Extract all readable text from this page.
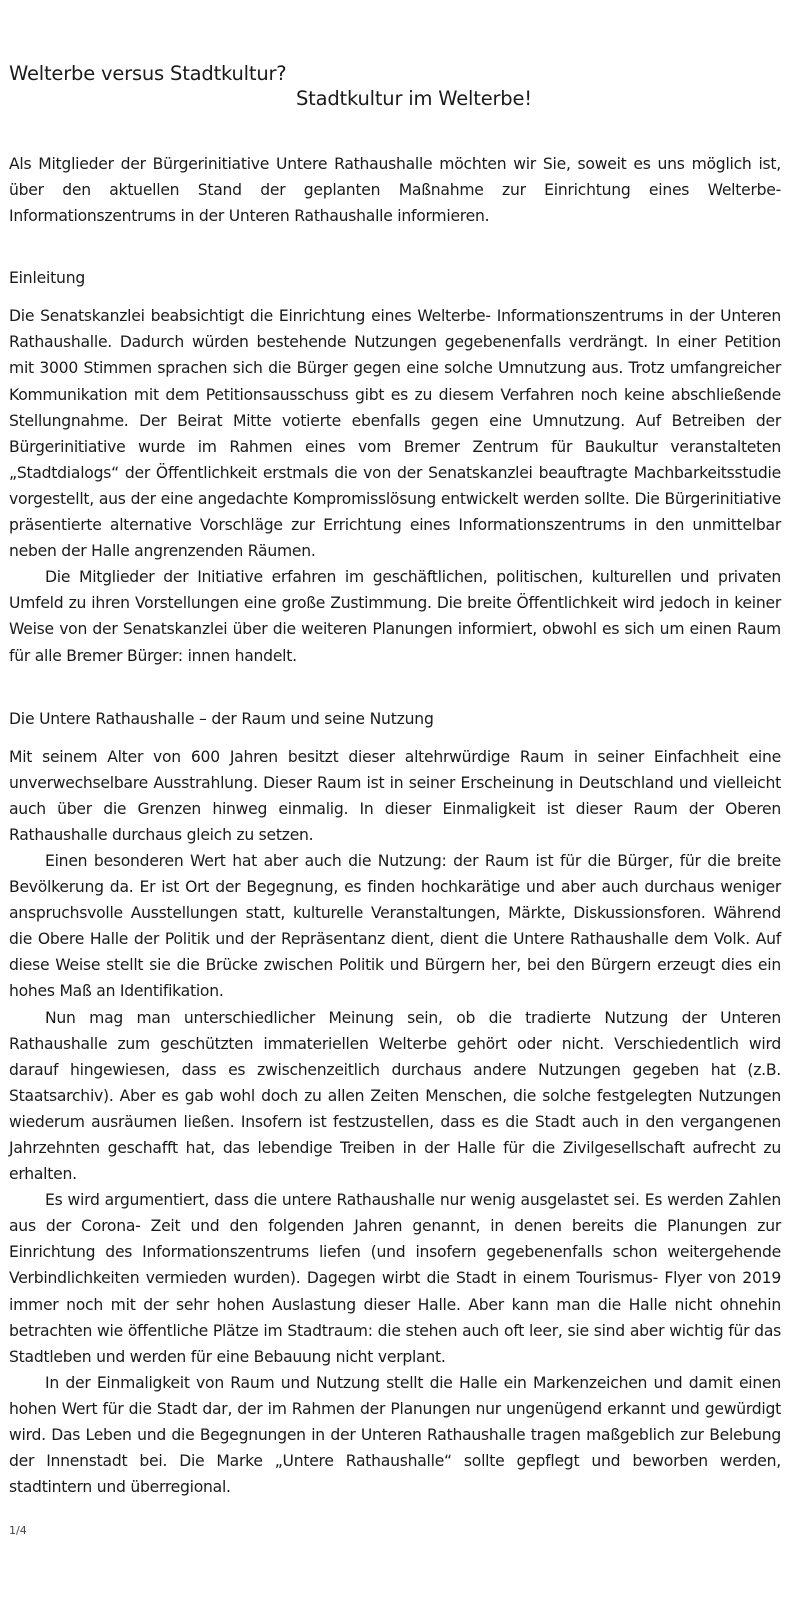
Welterbe versus Stadtkultur?
Stadtkultur im Welterbe!

Als Mitglieder der Bürgerinitiative Untere Rathaushalle möchten wir Sie, soweit es uns möglich ist, über den aktuellen Stand der geplanten Maßnahme zur Einrichtung eines Welterbe- Informationszentrums in der Unteren Rathaushalle informieren.

Einleitung

Die Senatskanzlei beabsichtigt die Einrichtung eines Welterbe- Informationszentrums in der Unteren Rathaushalle. Dadurch würden bestehende Nutzungen gegebenenfalls verdrängt. In einer Petition mit 3000 Stimmen sprachen sich die Bürger gegen eine solche Umnutzung aus. Trotz umfangreicher Kommunikation mit dem Petitionsausschuss gibt es zu diesem Verfahren noch keine abschließende Stellungnahme. Der Beirat Mitte votierte ebenfalls gegen eine Umnutzung. Auf Betreiben der Bürgerinitiative wurde im Rahmen eines vom Bremer Zentrum für Baukultur veranstalteten „Stadtdialogs“ der Öffentlichkeit erstmals die von der Senatskanzlei beauftragte Machbarkeitsstudie vorgestellt, aus der eine angedachte Kompromisslösung entwickelt werden sollte. Die Bürgerinitiative präsentierte alternative Vorschläge zur Errichtung eines Informationszentrums in den unmittelbar neben der Halle angrenzenden Räumen.

Die Mitglieder der Initiative erfahren im geschäftlichen, politischen, kulturellen und privaten Umfeld zu ihren Vorstellungen eine große Zustimmung. Die breite Öffentlichkeit wird jedoch in keiner Weise von der Senatskanzlei über die weiteren Planungen informiert, obwohl es sich um einen Raum für alle Bremer Bürger: innen handelt.

Die Untere Rathaushalle – der Raum und seine Nutzung

Mit seinem Alter von 600 Jahren besitzt dieser altehrwürdige Raum in seiner Einfachheit eine unverwechselbare Ausstrahlung. Dieser Raum ist in seiner Erscheinung in Deutschland und vielleicht auch über die Grenzen hinweg einmalig. In dieser Einmaligkeit ist dieser Raum der Oberen Rathaushalle durchaus gleich zu setzen.

Einen besonderen Wert hat aber auch die Nutzung: der Raum ist für die Bürger, für die breite Bevölkerung da. Er ist Ort der Begegnung, es finden hochkarätige und aber auch durchaus weniger anspruchsvolle Ausstellungen statt, kulturelle Veranstaltungen, Märkte, Diskussionsforen. Während die Obere Halle der Politik und der Repräsentanz dient, dient die Untere Rathaushalle dem Volk. Auf diese Weise stellt sie die Brücke zwischen Politik und Bürgern her, bei den Bürgern erzeugt dies ein hohes Maß an Identifikation.

Nun mag man unterschiedlicher Meinung sein, ob die tradierte Nutzung der Unteren Rathaushalle zum geschützten immateriellen Welterbe gehört oder nicht. Verschiedentlich wird darauf hingewiesen, dass es zwischenzeitlich durchaus andere Nutzungen gegeben hat (z.B. Staatsarchiv). Aber es gab wohl doch zu allen Zeiten Menschen, die solche festgelegten Nutzungen wiederum ausräumen ließen. Insofern ist festzustellen, dass es die Stadt auch in den vergangenen Jahrzehnten geschafft hat, das lebendige Treiben in der Halle für die Zivilgesellschaft aufrecht zu erhalten.

Es wird argumentiert, dass die untere Rathaushalle nur wenig ausgelastet sei. Es werden Zahlen aus der Corona- Zeit und den folgenden Jahren genannt, in denen bereits die Planungen zur Einrichtung des Informationszentrums liefen (und insofern gegebenenfalls schon weitergehende Verbindlichkeiten vermieden wurden). Dagegen wirbt die Stadt in einem Tourismus- Flyer von 2019 immer noch mit der sehr hohen Auslastung dieser Halle. Aber kann man die Halle nicht ohnehin betrachten wie öffentliche Plätze im Stadtraum: die stehen auch oft leer, sie sind aber wichtig für das Stadtleben und werden für eine Bebauung nicht verplant.

In der Einmaligkeit von Raum und Nutzung stellt die Halle ein Markenzeichen und damit einen hohen Wert für die Stadt dar, der im Rahmen der Planungen nur ungenügend erkannt und gewürdigt wird. Das Leben und die Begegnungen in der Unteren Rathaushalle tragen maßgeblich zur Belebung der Innenstadt bei. Die Marke „Untere Rathaushalle“ sollte gepflegt und beworben werden, stadtintern und überregional.

1/4
